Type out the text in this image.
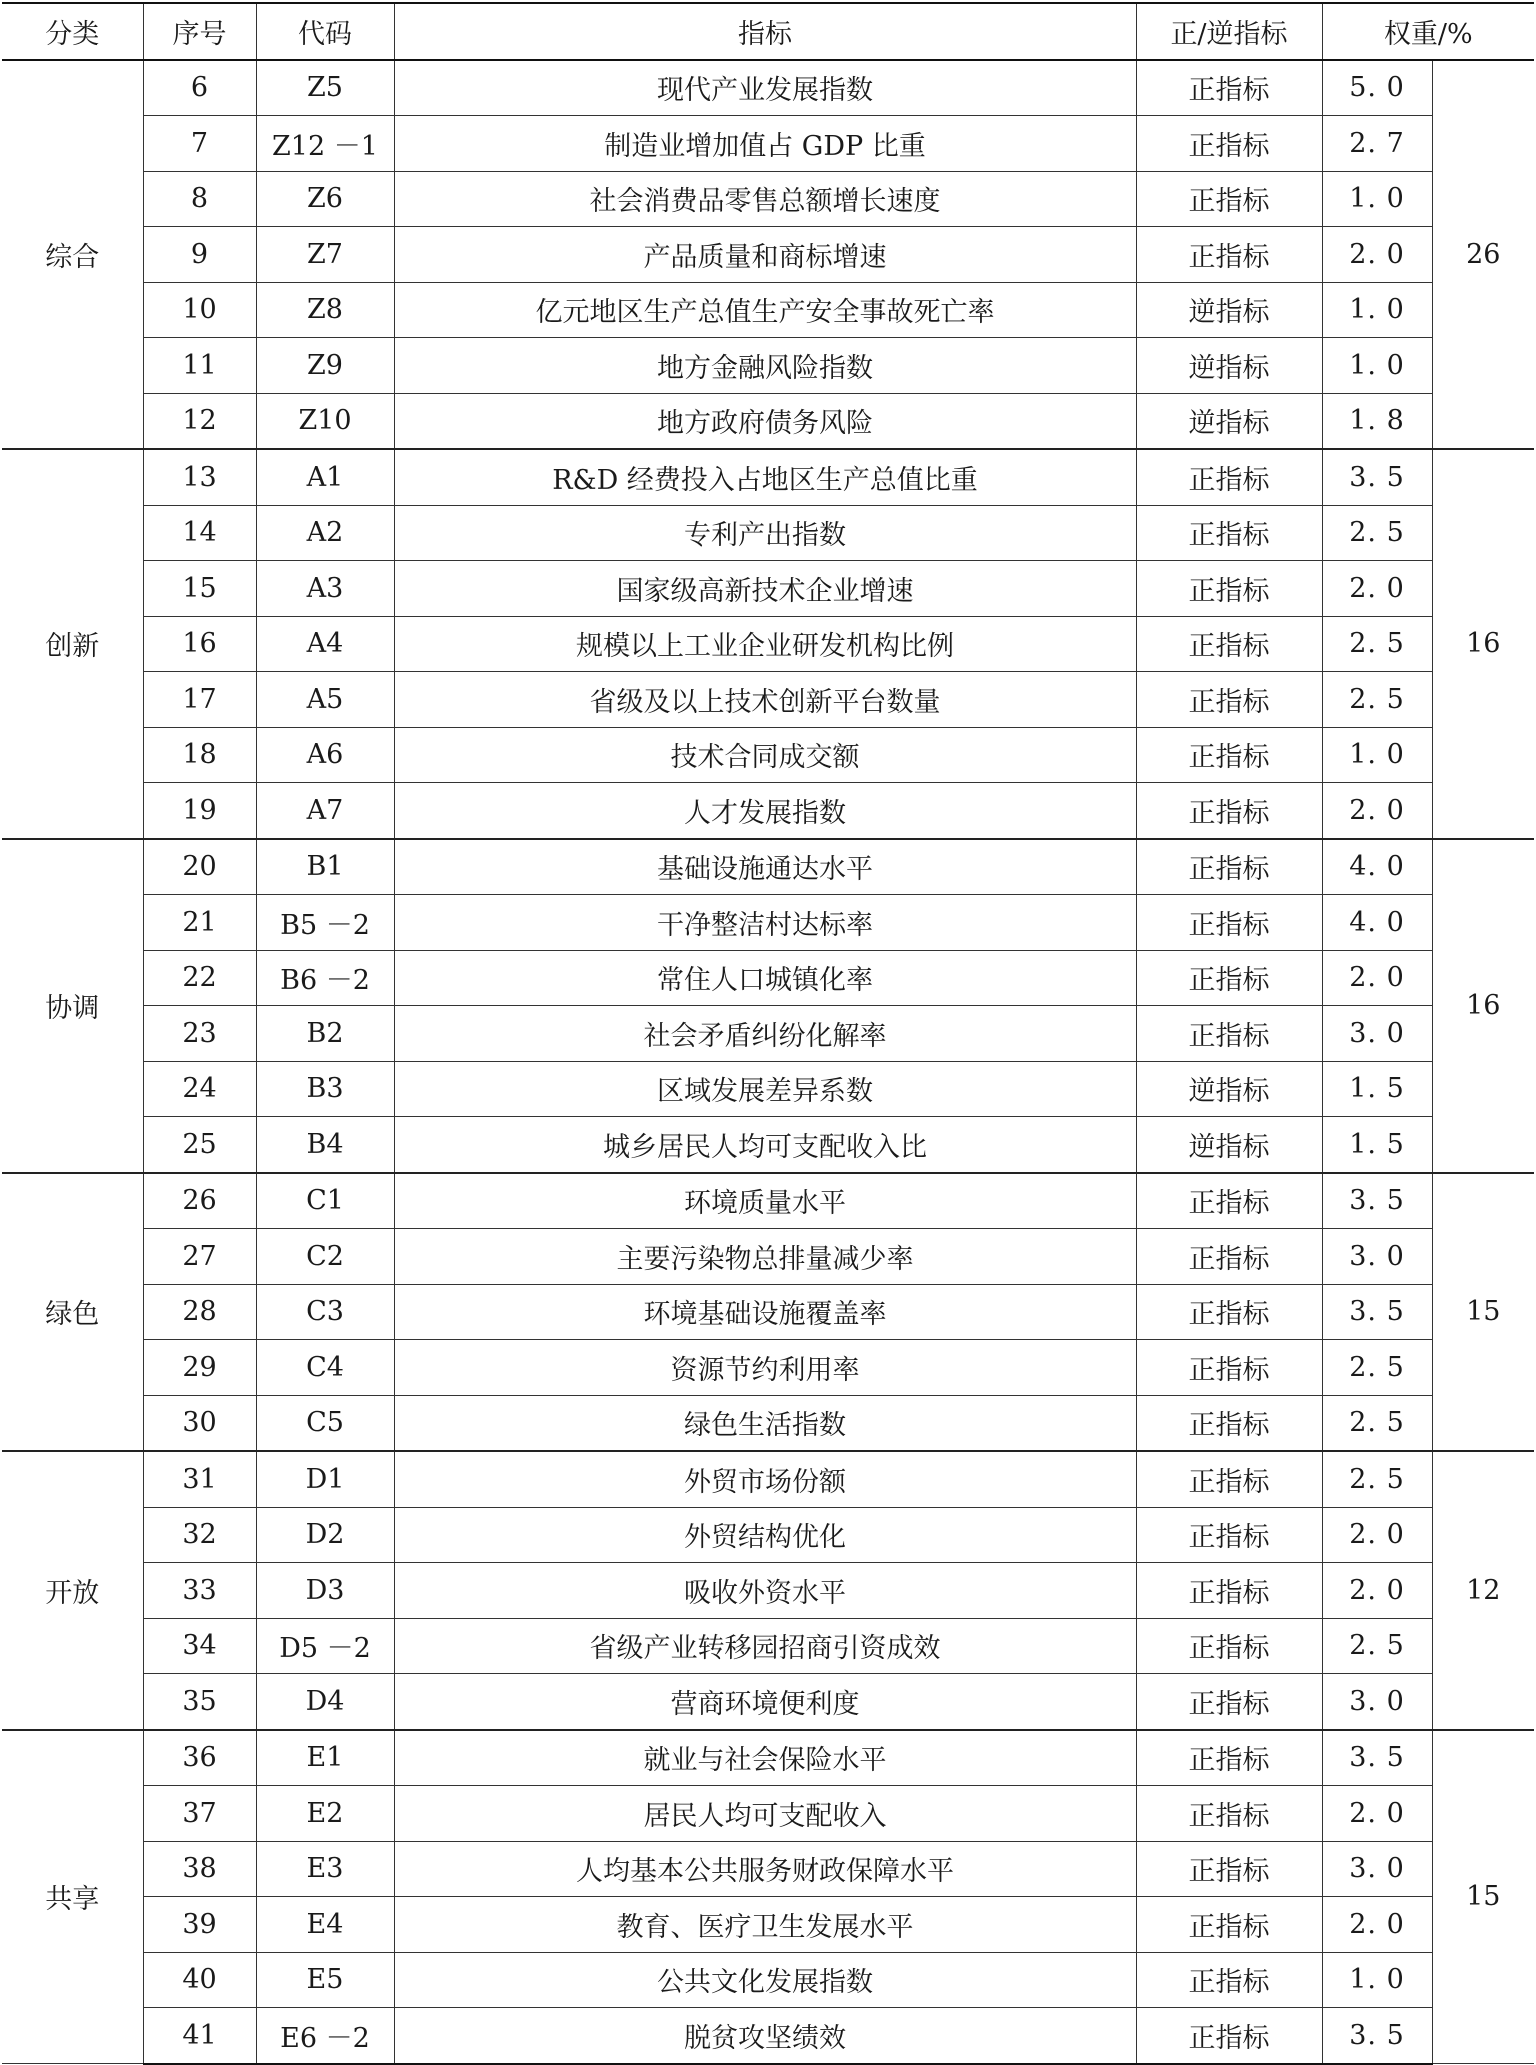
分类	序号	代码	指标	正/逆指标	权重/%	
综合	6	Z5	现代产业发展指数	正指标	5. 0	26
	7	Z12 －1	制造业增加值占 GDP 比重	正指标	2. 7	
	8	Z6	社会消费品零售总额增长速度	正指标	1. 0	
	9	Z7	产品质量和商标增速	正指标	2. 0	
	10	Z8	亿元地区生产总值生产安全事故死亡率	逆指标	1. 0	
	11	Z9	地方金融风险指数	逆指标	1. 0	
	12	Z10	地方政府债务风险	逆指标	1. 8	
创新	13	A1	R&D 经费投入占地区生产总值比重	正指标	3. 5	16
	14	A2	专利产出指数	正指标	2. 5	
	15	A3	国家级高新技术企业增速	正指标	2. 0	
	16	A4	规模以上工业企业研发机构比例	正指标	2. 5	
	17	A5	省级及以上技术创新平台数量	正指标	2. 5	
	18	A6	技术合同成交额	正指标	1. 0	
	19	A7	人才发展指数	正指标	2. 0	
协调	20	B1	基础设施通达水平	正指标	4. 0	16
	21	B5 －2	干净整洁村达标率	正指标	4. 0	
	22	B6 －2	常住人口城镇化率	正指标	2. 0	
	23	B2	社会矛盾纠纷化解率	正指标	3. 0	
	24	B3	区域发展差异系数	逆指标	1. 5	
	25	B4	城乡居民人均可支配收入比	逆指标	1. 5	
绿色	26	C1	环境质量水平	正指标	3. 5	15
	27	C2	主要污染物总排量减少率	正指标	3. 0	
	28	C3	环境基础设施覆盖率	正指标	3. 5	
	29	C4	资源节约利用率	正指标	2. 5	
	30	C5	绿色生活指数	正指标	2. 5	
开放	31	D1	外贸市场份额	正指标	2. 5	12
	32	D2	外贸结构优化	正指标	2. 0	
	33	D3	吸收外资水平	正指标	2. 0	
	34	D5 －2	省级产业转移园招商引资成效	正指标	2. 5	
	35	D4	营商环境便利度	正指标	3. 0	
共享	36	E1	就业与社会保险水平	正指标	3. 5	15
	37	E2	居民人均可支配收入	正指标	2. 0	
	38	E3	人均基本公共服务财政保障水平	正指标	3. 0	
	39	E4	教育、医疗卫生发展水平	正指标	2. 0	
	40	E5	公共文化发展指数	正指标	1. 0	
	41	E6 －2	脱贫攻坚绩效	正指标	3. 5	
